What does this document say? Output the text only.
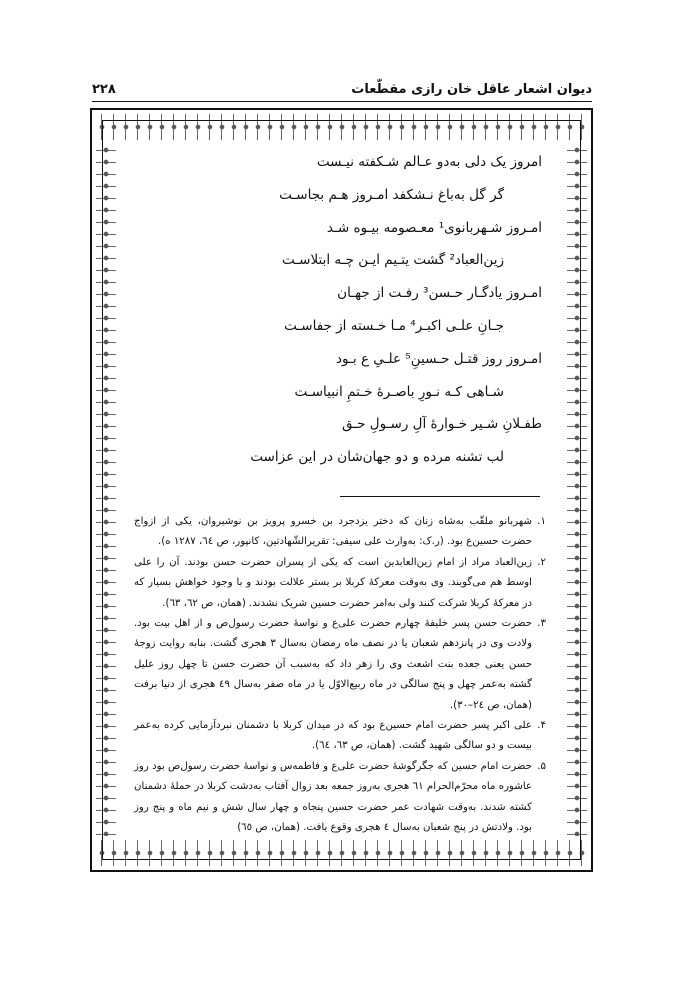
دیوان اشعار عاقل خان رازی مقطّعات
۲۲۸
امروز یک دلی به‌دو عـالم شـکفته نیـست
گر گل به‌باغ نـشکفد امـروز هـم بجاسـت
امـروز شـهربانوی¹ معـصومه بیـوه شـد
زین‌العباد² گشت یتـیم ایـن چـه ابتلاسـت
امـروز یادگـار حـسن³ رفـت از جهـان
جـانِ علـی اکبـر⁴ مـا خـسته از جفاسـت
امـروز روز قتـل حـسینِ⁵ علـیِ ع بـود
شـاهی کـه نـورِ باصـرهٔ خـتمِ انبیاسـت
طفـلانِ شـیر خـوارهٔ آلِ رسـولِ حـق
لب تشنه مرده و دو جهان‌شان در این عزاست
۱.
شهربانو ملقّب به‌شاه زنان که دختر یزدجرد بن خسرو پرویز بن نوشیروان، یکی از ازواج حضرت حسین‌ع بود. (ر.ک: به‌وارث علی سیفی: تقریرالشّهادتین، کانپور، ص ٦٤، ۱۲۸۷ ه).
۲.
زین‌العباد مراد از امام زین‌العابدین است که یکی از پسران حضرت حسن بودند. آن را علی اوسط هم می‌گویند. وی به‌وقت معرکهٔ کربلا بر بستر علالت بودند و با وجود خواهش بسیار که در معرکهٔ کربلا شرکت کنند ولی به‌امر حضرت حسین شریک نشدند. (همان، ص ٦٢، ٦٣).
۳.
حضرت حسن پسر خلیفهٔ چهارم حضرت علی‌ع و نواسهٔ حضرت رسول‌ص و از اهل بیت بود. ولادت وی در پانزدهم شعبان یا در نصف ماه رمضان به‌سال ۳ هجری گشت. بنابه روایت زوجهٔ حسن یعنی جعده بنت اشعث وی را زهر داد که به‌سبب آن حضرت حسن تا چهل روز علیل گشته به‌عمر چهل و پنج سالگی در ماه ربیع‌الاوّل یا در ماه صفر به‌سال ٤۹ هجری از دنیا برفت (همان، ص ٢٤–٣٠).
۴.
علی اکبر پسر حضرت امام حسین‌ع بود که در میدان کربلا با دشمنان نبردآزمایی کرده به‌عمر بیست و دو سالگی شهید گشت. (همان، ص ٦٣، ٦٤).
۵.
حضرت امام حسین که جگرگوشهٔ حضرت علی‌ع و فاطمه‌س و نواسهٔ حضرت رسول‌ص بود روز عاشوره ماه محرّم‌الحرام ٦١ هجری به‌روز جمعه بعد زوال آفتاب به‌دشت کربلا در حملهٔ دشمنان کشته شدند. به‌وقت شهادت عمر حضرت حسین پنجاه و چهار سال شش و نیم ماه و پنج روز بود. ولادتش در پنج شعبان به‌سال ٤ هجری وقوع یافت. (همان، ص ٦٥)
